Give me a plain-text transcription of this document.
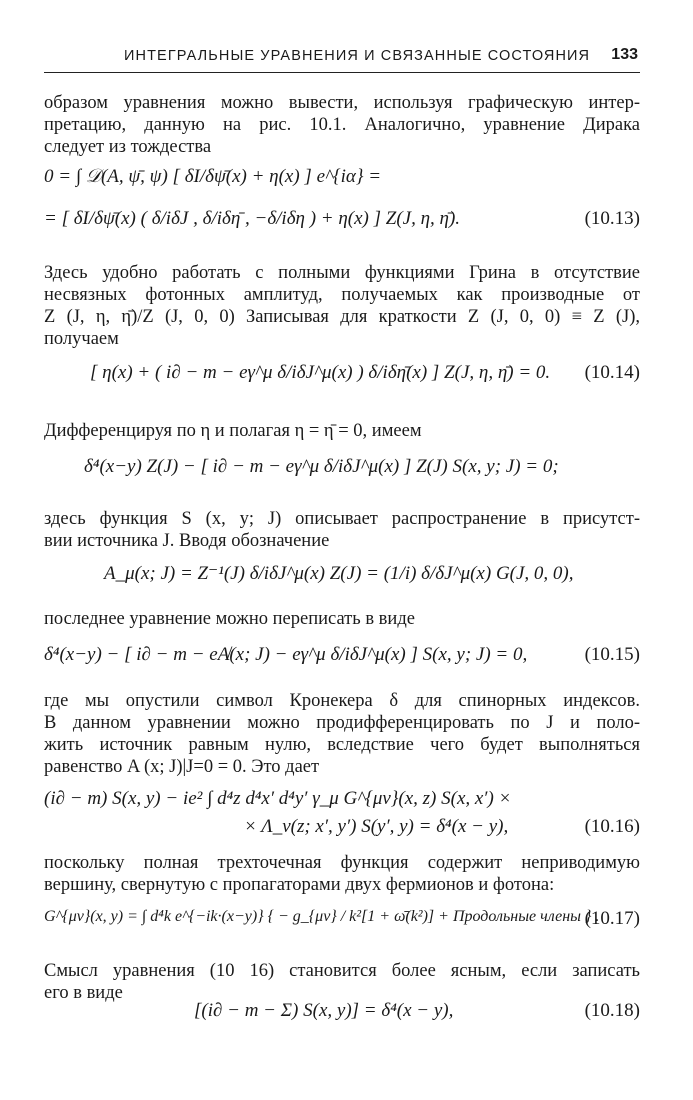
ИНТЕГРАЛЬНЫЕ УРАВНЕНИЯ И СВЯЗАННЫЕ СОСТОЯНИЯ 133
образом уравнения можно вывести, используя графическую интер-
претацию, данную на рис. 10.1. Аналогично, уравнение Дирака
следует из тождества
0 = ∫ 𝒟(A, ψ̄, ψ) [ δI/δψ̄(x) + η(x) ] e^{iα} =
= [ δI/δψ̄(x) ( δ/iδJ , δ/iδη̄ , −δ/iδη ) + η(x) ] Z(J, η, η̄).	(10.13)
Здесь удобно работать с полными функциями Грина в отсутствие
несвязных фотонных амплитуд, получаемых как производные от
Z (J, η, η̄)/Z (J, 0, 0) Записывая для краткости Z (J, 0, 0) ≡ Z (J),
получаем
[ η(x) + ( i∂ − m − eγ^μ δ/iδJ^μ(x) ) δ/iδη̄(x) ] Z(J, η, η̄) = 0. (10.14)
Дифференцируя по η и полагая η = η̄ = 0, имеем
δ⁴(x−y) Z(J) − [ i∂ − m − eγ^μ δ/iδJ^μ(x) ] Z(J) S(x, y; J) = 0;
здесь функция S (x, y; J) описывает распространение в присутст-
вии источника J. Вводя обозначение
A_μ(x; J) = Z⁻¹(J) δ/iδJ^μ(x) Z(J) = (1/i) δ/δJ^μ(x) G(J, 0, 0),
последнее уравнение можно переписать в виде
δ⁴(x−y) − [ i∂ − m − eA̸(x; J) − eγ^μ δ/iδJ^μ(x) ] S(x, y; J) = 0,	(10.15)
где мы опустили символ Кронекера δ для спинорных индексов.
В данном уравнении можно продифференцировать по J и поло-
жить источник равным нулю, вследствие чего будет выполняться
равенство A (x; J)|J=0 = 0. Это дает
(i∂ − m) S(x, y) − ie² ∫ d⁴z d⁴x′ d⁴y′ γ_μ G^{μν}(x, z) S(x, x′) ×
× Λ_ν(z; x′, y′) S(y′, y) = δ⁴(x − y),	(10.16)
поскольку полная трехточечная функция содержит неприводимую
вершину, свернутую с пропагаторами двух фермионов и фотона:
G^{μν}(x, y) = ∫ d⁴k e^{−ik·(x−y)} { − g_{μν} / k²[1 + ω̄(k²)] + Продольные члены } .
(10.17)
Смысл уравнения (10 16) становится более ясным, если записать
его в виде
[(i∂ − m − Σ) S(x, y)] = δ⁴(x − y),	(10.18)
